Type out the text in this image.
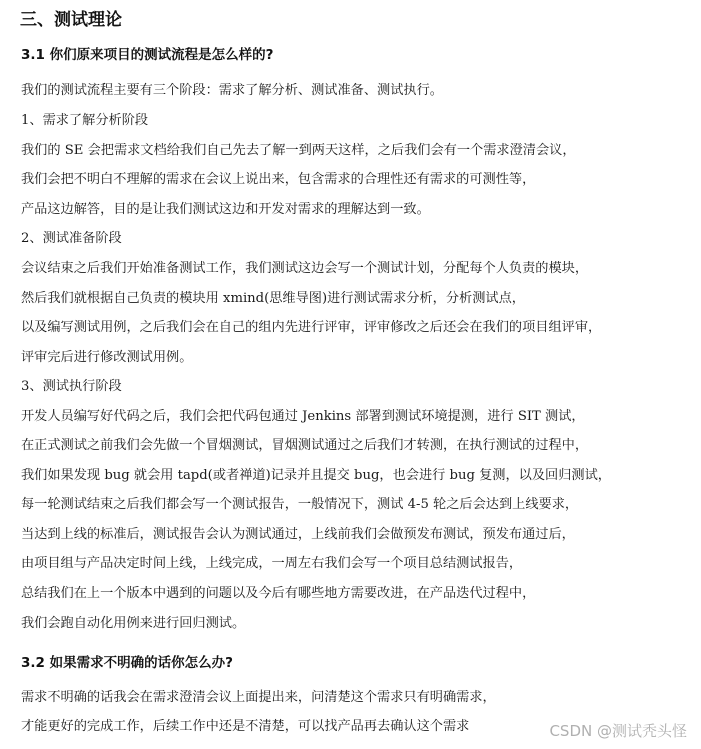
三、测试理论
3.1 你们原来项目的测试流程是怎么样的?
我们的测试流程主要有三个阶段：需求了解分析、测试准备、测试执行。
1、需求了解分析阶段
我们的 SE 会把需求文档给我们自己先去了解一到两天这样，之后我们会有一个需求澄清会议，
我们会把不明白不理解的需求在会议上说出来，包含需求的合理性还有需求的可测性等，
产品这边解答，目的是让我们测试这边和开发对需求的理解达到一致。
2、测试准备阶段
会议结束之后我们开始准备测试工作，我们测试这边会写一个测试计划，分配每个人负责的模块，
然后我们就根据自己负责的模块用 xmind(思维导图)进行测试需求分析，分析测试点，
以及编写测试用例，之后我们会在自己的组内先进行评审，评审修改之后还会在我们的项目组评审，
评审完后进行修改测试用例。
3、测试执行阶段
开发人员编写好代码之后，我们会把代码包通过 Jenkins 部署到测试环境提测，进行 SIT 测试，
在正式测试之前我们会先做一个冒烟测试，冒烟测试通过之后我们才转测，在执行测试的过程中，
我们如果发现 bug 就会用 tapd(或者禅道)记录并且提交 bug，也会进行 bug 复测，以及回归测试，
每一轮测试结束之后我们都会写一个测试报告，一般情况下，测试 4-5 轮之后会达到上线要求，
当达到上线的标准后，测试报告会认为测试通过，上线前我们会做预发布测试，预发布通过后，
由项目组与产品决定时间上线，上线完成，一周左右我们会写一个项目总结测试报告，
总结我们在上一个版本中遇到的问题以及今后有哪些地方需要改进，在产品迭代过程中，
我们会跑自动化用例来进行回归测试。
3.2 如果需求不明确的话你怎么办?
需求不明确的话我会在需求澄清会议上面提出来，问清楚这个需求只有明确需求，
才能更好的完成工作，后续工作中还是不清楚，可以找产品再去确认这个需求	CSDN @测试秃头怪
